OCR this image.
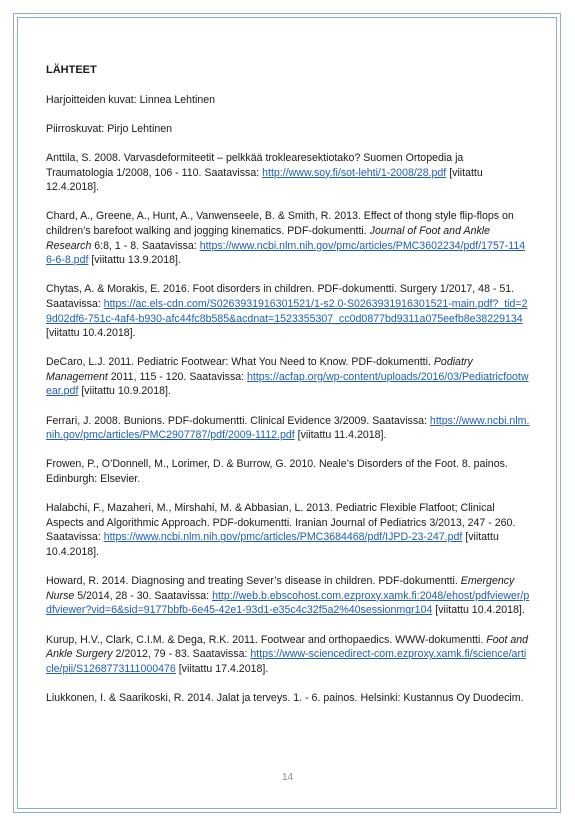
LÄHTEET
Harjoitteiden kuvat: Linnea Lehtinen
Piirroskuvat: Pirjo Lehtinen
Anttila, S. 2008. Varvasdeformiteetit – pelkkää troklearesektiotako? Suomen Ortopedia ja Traumatologia 1/2008, 106 - 110. Saatavissa: http://www.soy.fi/sot-lehti/1-2008/28.pdf [viitattu 12.4.2018].
Chard, A., Greene, A., Hunt, A., Vanwenseele, B. & Smith, R. 2013. Effect of thong style flip-flops on children’s barefoot walking and jogging kinematics. PDF-dokumentti. Journal of Foot and Ankle Research 6:8, 1 - 8. Saatavissa: https://www.ncbi.nlm.nih.gov/pmc/articles/PMC3602234/pdf/1757-1146-6-8.pdf [viitattu 13.9.2018].
Chytas, A. & Morakis, E. 2016. Foot disorders in children. PDF-dokumentti. Surgery 1/2017, 48 - 51. Saatavissa: https://ac.els-cdn.com/S0263931916301521/1-s2.0-S0263931916301521-main.pdf?_tid=29d02df6-751c-4af4-b930-afc44fc8b585&acdnat=1523355307_cc0d0877bd9311a075eefb8e38229134 [viitattu 10.4.2018].
DeCaro, L.J. 2011. Pediatric Footwear: What You Need to Know. PDF-dokumentti. Podiatry Management 2011, 115 - 120. Saatavissa: https://acfap.org/wp-content/uploads/2016/03/Pediatricfootwear.pdf [viitattu 10.9.2018].
Ferrari, J. 2008. Bunions. PDF-dokumentti. Clinical Evidence 3/2009. Saatavissa: https://www.ncbi.nlm.nih.gov/pmc/articles/PMC2907787/pdf/2009-1112.pdf [viitattu 11.4.2018].
Frowen, P., O’Donnell, M., Lorimer, D. & Burrow, G. 2010. Neale’s Disorders of the Foot. 8. painos. Edinburgh: Elsevier.
Halabchi, F., Mazaheri, M., Mirshahi, M. & Abbasian, L. 2013. Pediatric Flexible Flatfoot; Clinical Aspects and Algorithmic Approach. PDF-dokumentti. Iranian Journal of Pediatrics 3/2013, 247 - 260. Saatavissa: https://www.ncbi.nlm.nih.gov/pmc/articles/PMC3684468/pdf/IJPD-23-247.pdf [viitattu 10.4.2018].
Howard, R. 2014. Diagnosing and treating Sever’s disease in children. PDF-dokumentti. Emergency Nurse 5/2014, 28 - 30. Saatavissa: http://web.b.ebscohost.com.ezproxy.xamk.fi:2048/ehost/pdfviewer/pdfviewer?vid=6&sid=9177bbfb-6e45-42e1-93d1-e35c4c32f5a2%40sessionmgr104 [viitattu 10.4.2018].
Kurup, H.V., Clark, C.I.M. & Dega, R.K. 2011. Footwear and orthopaedics. WWW-dokumentti. Foot and Ankle Surgery 2/2012, 79 - 83. Saatavissa: https://www-sciencedirect-com.ezproxy.xamk.fi/science/article/pii/S1268773111000476 [viitattu 17.4.2018].
Liukkonen, I. & Saarikoski, R. 2014. Jalat ja terveys. 1. - 6. painos. Helsinki: Kustannus Oy Duodecim.
14
